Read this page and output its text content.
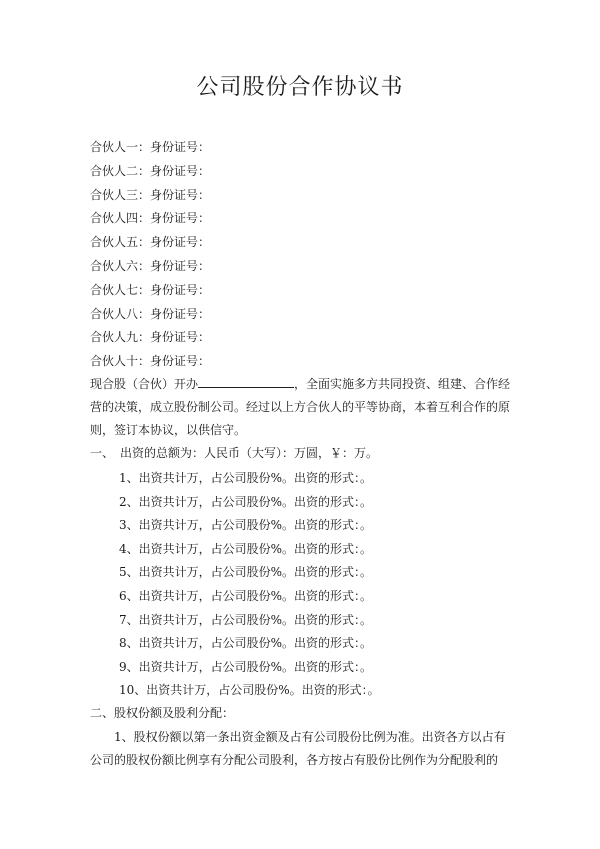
公司股份合作协议书
合伙人一：身份证号：
合伙人二：身份证号：
合伙人三：身份证号：
合伙人四：身份证号：
合伙人五：身份证号：
合伙人六：身份证号：
合伙人七：身份证号：
合伙人八：身份证号：
合伙人九：身份证号：
合伙人十：身份证号：

现合股（合伙）开办	，全面实施多方共同投资、组建、合作经营的决策，成立股份制公司。经过以上方合伙人的平等协商，本着互利合作的原则，签订本协议，以供信守。

一、　出资的总额为：人民币（大写）：万圆，￥：万。
1、出资共计万，占公司股份%。出资的形式：。
2、出资共计万，占公司股份%。出资的形式：。
3、出资共计万，占公司股份%。出资的形式：。
4、出资共计万，占公司股份%。出资的形式：。
5、出资共计万，占公司股份%。出资的形式：。
6、出资共计万，占公司股份%。出资的形式：。
7、出资共计万，占公司股份%。出资的形式：。
8、出资共计万，占公司股份%。出资的形式：。
9、出资共计万，占公司股份%。出资的形式：。
10、出资共计万，占公司股份%。出资的形式：。
二、股权份额及股利分配：

1、股权份额以第一条出资金额及占有公司股份比例为准。出资各方以占有公司的股权份额比例享有分配公司股利，各方按占有股份比例作为分配股利的
